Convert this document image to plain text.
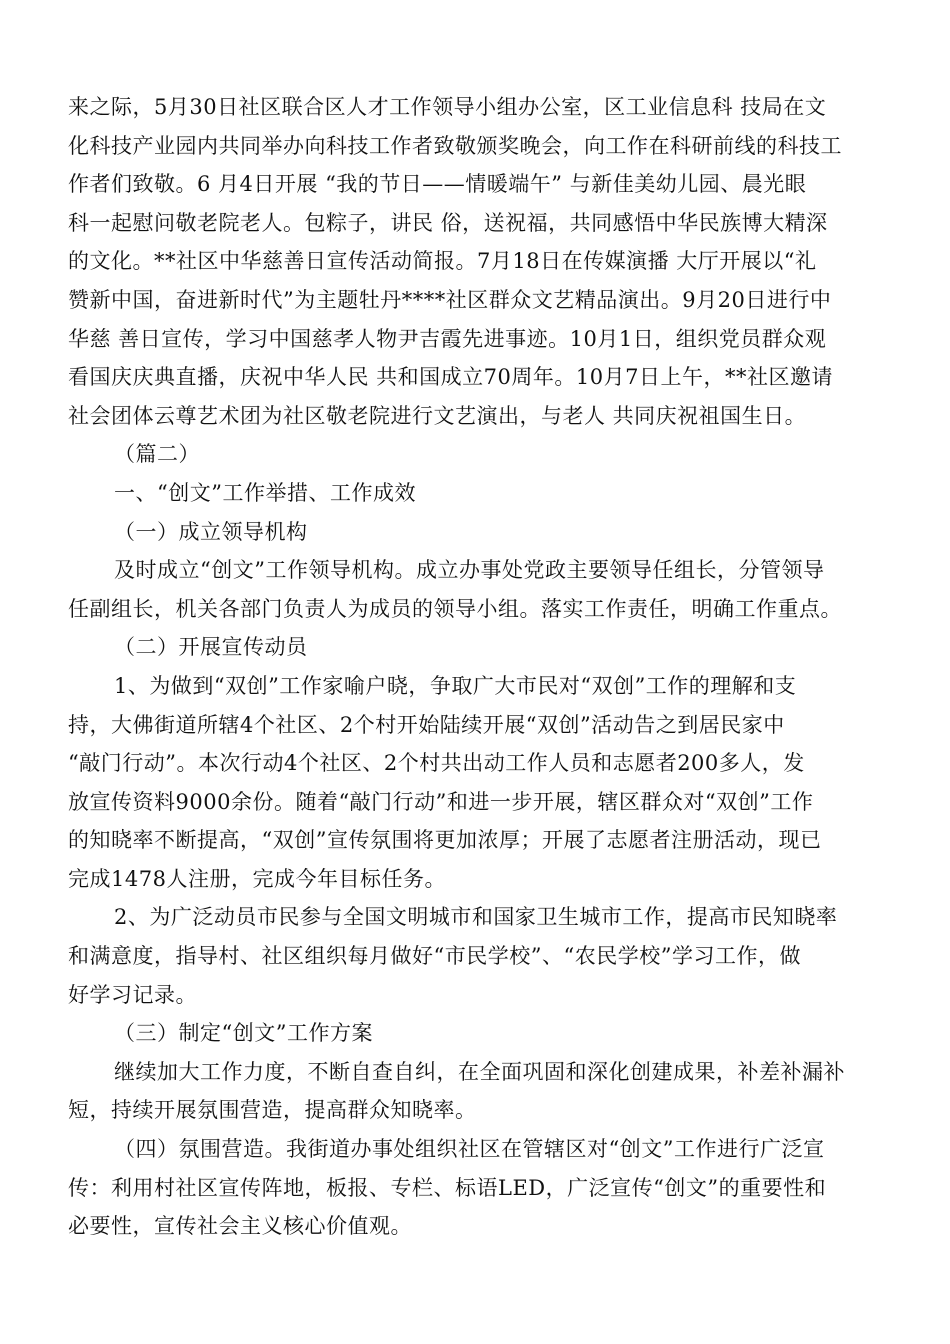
来之际，5月30日社区联合区人才工作领导小组办公室，区工业信息科 技局在文
化科技产业园内共同举办向科技工作者致敬颁奖晚会，向工作在科研前线的科技工
作者们致敬。6 月4日开展 “我的节日——情暖端午” 与新佳美幼儿园、晨光眼
科一起慰问敬老院老人。包粽子，讲民 俗，送祝福，共同感悟中华民族博大精深
的文化。**社区中华慈善日宣传活动简报。7月18日在传媒演播 大厅开展以“礼
赞新中国，奋进新时代”为主题牡丹****社区群众文艺精品演出。9月20日进行中
华慈 善日宣传，学习中国慈孝人物尹吉霞先进事迹。10月1日，组织党员群众观
看国庆庆典直播，庆祝中华人民 共和国成立70周年。10月7日上午，**社区邀请
社会团体云尊艺术团为社区敬老院进行文艺演出，与老人 共同庆祝祖国生日。
（篇二）
一、“创文”工作举措、工作成效
（一）成立领导机构
及时成立“创文”工作领导机构。成立办事处党政主要领导任组长，分管领导
任副组长，机关各部门负责人为成员的领导小组。落实工作责任，明确工作重点。
（二）开展宣传动员
1、为做到“双创”工作家喻户晓，争取广大市民对“双创”工作的理解和支
持，大佛街道所辖4个社区、2个村开始陆续开展“双创”活动告之到居民家中
“敲门行动”。本次行动4个社区、2个村共出动工作人员和志愿者200多人，发
放宣传资料9000余份。随着“敲门行动”和进一步开展，辖区群众对“双创”工作
的知晓率不断提高，“双创”宣传氛围将更加浓厚；开展了志愿者注册活动，现已
完成1478人注册，完成今年目标任务。
2、为广泛动员市民参与全国文明城市和国家卫生城市工作，提高市民知晓率
和满意度，指导村、社区组织每月做好“市民学校”、“农民学校”学习工作，做
好学习记录。
（三）制定“创文”工作方案
继续加大工作力度，不断自查自纠，在全面巩固和深化创建成果，补差补漏补
短，持续开展氛围营造，提高群众知晓率。
（四）氛围营造。我街道办事处组织社区在管辖区对“创文”工作进行广泛宣
传：利用村社区宣传阵地，板报、专栏、标语LED，广泛宣传“创文”的重要性和
必要性，宣传社会主义核心价值观。
